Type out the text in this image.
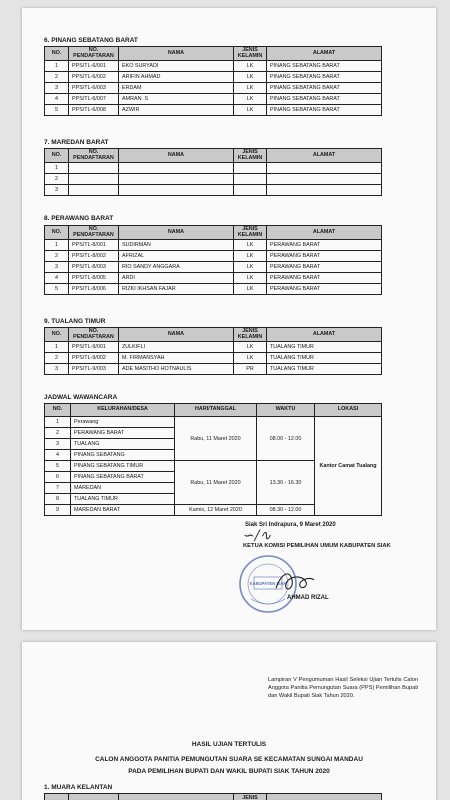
6. PINANG SEBATANG BARAT
NO.	NO. PENDAFTARAN	NAMA	JENIS KELAMIN	ALAMAT
1	PPS/TL-6/001	EKO SURYADI	LK	PINANG SEBATANG BARAT
2	PPS/TL-6/002	ARIFIN AHMAD	LK	PINANG SEBATANG BARAT
3	PPS/TL-6/003	ERDAM	LK	PINANG SEBATANG BARAT
4	PPS/TL-6/007	AMRAN. S	LK	PINANG SEBATANG BARAT
5	PPS/TL-6/008	AZWIR	LK	PINANG SEBATANG BARAT
7. MAREDAN BARAT
NO.	NO. PENDAFTARAN	NAMA	JENIS KELAMIN	ALAMAT
1				
2				
3				
8. PERAWANG BARAT
NO.	NO. PENDAFTARAN	NAMA	JENIS KELAMIN	ALAMAT
1	PPS/TL-8/001	SUDIRMAN	LK	PERAWANG BARAT
2	PPS/TL-8/002	AFRIZAL	LK	PERAWANG BARAT
3	PPS/TL-8/003	RIO SANDY ANGGARA	LK	PERAWANG BARAT
4	PPS/TL-8/005	ARDI	LK	PERAWANG BARAT
5	PPS/TL-8/006	RIZKI IKHSAN FAJAR	LK	PERAWANG BARAT
9. TUALANG TIMUR
NO.	NO. PENDAFTARAN	NAMA	JENIS KELAMIN	ALAMAT
1	PPS/TL-9/001	ZULKIFLI	LK	TUALANG TIMUR
2	PPS/TL-9/002	M. FIRMANSYAH	LK	TUALANG TIMUR
3	PPS/TL-9/003	ADE MASITHO HOTNAULIS	PR	TUALANG TIMUR
JADWAL WAWANCARA
NO.	KELURAHAN/DESA	HARI/TANGGAL	WAKTU	LOKASI
1	Perawang	Rabu, 11 Maret 2020	08.00 - 12.00	Kantor Camat Tualang
2	PERAWANG BARAT			
3	TUALANG			
4	PINANG SEBATANG			
5	PINANG SEBATANG TIMUR	Rabu, 11 Maret 2020	13.30 - 16.30	
6	PINANG SEBATANG BARAT			
7	MAREDAN			
8	TUALANG TIMUR			
9	MAREDAN BARAT	Kamis, 12 Maret 2020	08.30 - 12.00	
∽/∿
Siak Sri Indrapura, 9 Maret 2020
KETUA KOMISI PEMILIHAN UMUM KABUPATEN SIAK
KABUPATEN SIAK
AHMAD RIZAL
Lampiran V Pengumuman Hasil Seleksi Ujian Tertulis Calon Anggota Panitia Pemungutan Suara (PPS) Pemilihan Bupati dan Wakil Bupati Siak Tahun 2020.
HASIL UJIAN TERTULIS
CALON ANGGOTA PANITIA PEMUNGUTAN SUARA SE KECAMATAN SUNGAI MANDAU
PADA PEMILIHAN BUPATI DAN WAKIL BUPATI SIAK TAHUN 2020
1. MUARA KELANTAN
			JENIS	
